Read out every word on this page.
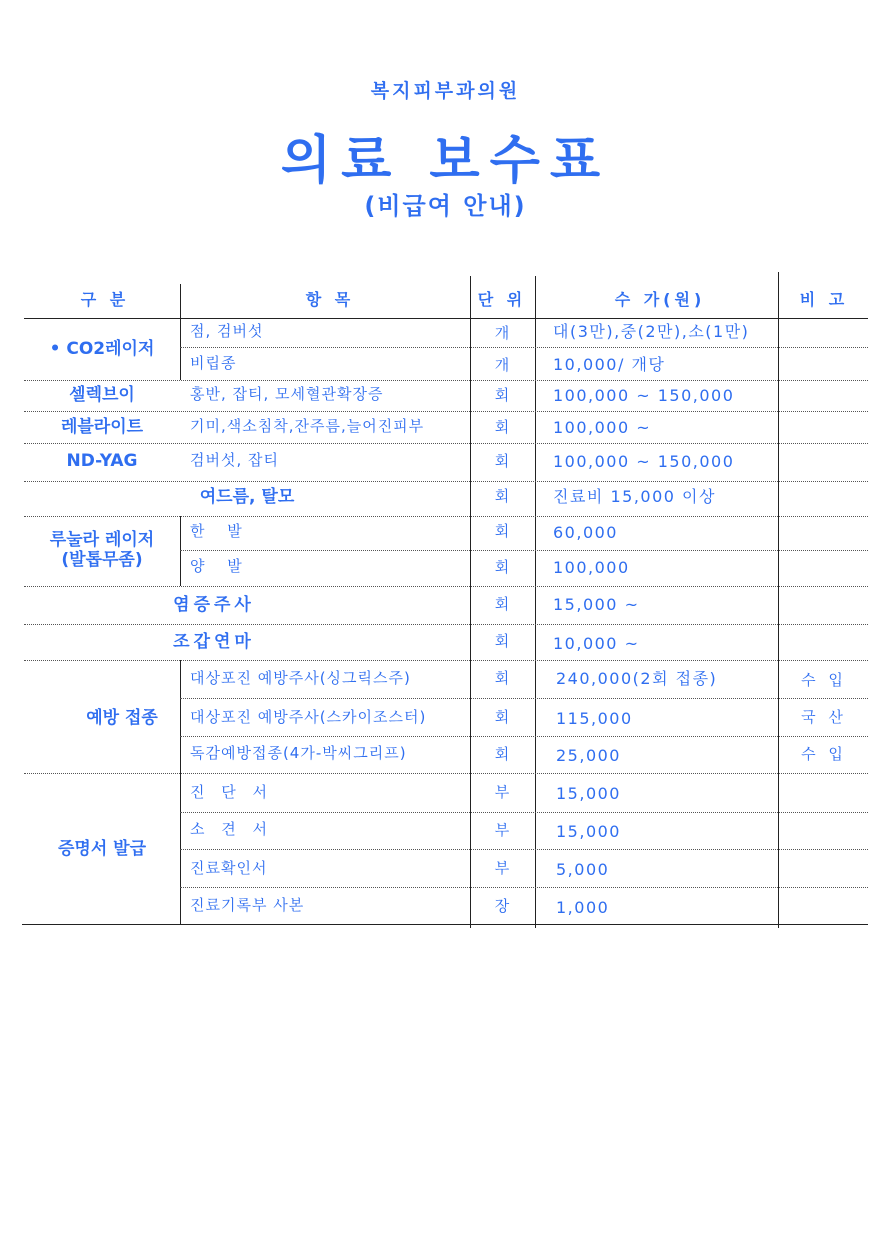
복지피부과의원
의료 보수표
(비급여 안내)
구 분	항 목	단 위	수 가(원)	비 고
• CO2레이저
점, 검버섯	개	대(3만),중(2만),소(1만)
비립종	개	10,000/ 개당
셀렉브이	홍반, 잡티, 모세혈관확장증	회	100,000 ~ 150,000
레블라이트	기미,색소침착,잔주름,늘어진피부	회	100,000 ~
ND-YAG	검버섯, 잡티	회	100,000 ~ 150,000
여드름, 탈모	회	진료비 15,000 이상
루눌라 레이저
(발톱무좀)
한 발	회	60,000
양 발	회	100,000
염증주사	회	15,000 ~
조갑연마	회	10,000 ~
예방 접종
대상포진 예방주사(싱그릭스주)	회	240,000(2회 접종)	수 입
대상포진 예방주사(스카이조스터)	회	115,000	국 산
독감예방접종(4가-박씨그리프)	회	25,000	수 입
증명서 발급
진 단 서	부	15,000
소 견 서	부	15,000
진료확인서	부	5,000
진료기록부 사본	장	1,000
